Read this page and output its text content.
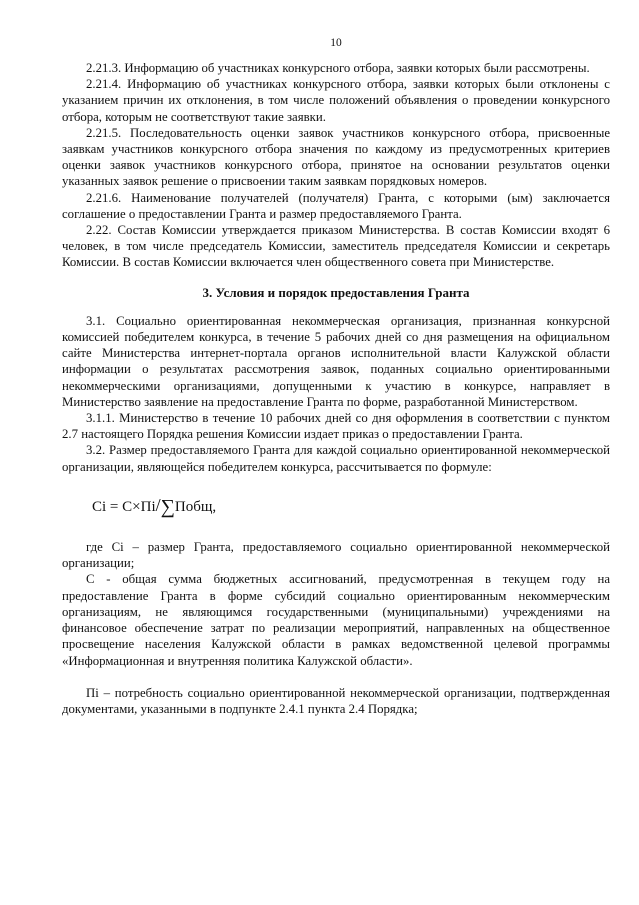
10

2.21.3. Информацию об участниках конкурсного отбора, заявки которых были рассмотрены.

2.21.4. Информацию об участниках конкурсного отбора, заявки которых были отклонены с указанием причин их отклонения, в том числе положений объявления о проведении конкурсного отбора, которым не соответствуют такие заявки.

2.21.5. Последовательность оценки заявок участников конкурсного отбора, присвоенные заявкам участников конкурсного отбора значения по каждому из предусмотренных критериев оценки заявок участников конкурсного отбора, принятое на основании результатов оценки указанных заявок решение о присвоении таким заявкам порядковых номеров.

2.21.6. Наименование получателей (получателя) Гранта, с которыми (ым) заключается соглашение о предоставлении Гранта и размер предоставляемого Гранта.

2.22. Состав Комиссии утверждается приказом Министерства. В состав Комиссии входят 6 человек, в том числе председатель Комиссии, заместитель председателя Комиссии и секретарь Комиссии. В состав Комиссии включается член общественного совета при Министерстве.

3. Условия и порядок предоставления Гранта

3.1. Социально ориентированная некоммерческая организация, признанная конкурсной комиссией победителем конкурса, в течение 5 рабочих дней со дня размещения на официальном сайте Министерства интернет-портала органов исполнительной власти Калужской области информации о результатах рассмотрения заявок, поданных социально ориентированными некоммерческими организациями, допущенными к участию в конкурсе, направляет в Министерство заявление на предоставление Гранта по форме, разработанной Министерством.

3.1.1. Министерство в течение 10 рабочих дней со дня оформления в соответствии с пунктом 2.7 настоящего Порядка решения Комиссии издает приказ о предоставлении Гранта.

3.2. Размер предоставляемого Гранта для каждой социально ориентированной некоммерческой организации, являющейся победителем конкурса, рассчитывается по формуле:

Ci = C×Пi/∑Побщ,

где Ci – размер Гранта, предоставляемого социально ориентированной некоммерческой организации;

С - общая сумма бюджетных ассигнований, предусмотренная в текущем году на предоставление Гранта в форме субсидий социально ориентированным некоммерческим организациям, не являющимся государственными (муниципальными) учреждениями на финансовое обеспечение затрат по реализации мероприятий, направленных на общественное просвещение населения Калужской области в рамках ведомственной целевой программы «Информационная и внутренняя политика Калужской области».

Пi – потребность социально ориентированной некоммерческой организации, подтвержденная документами, указанными в подпункте 2.4.1 пункта 2.4 Порядка;
